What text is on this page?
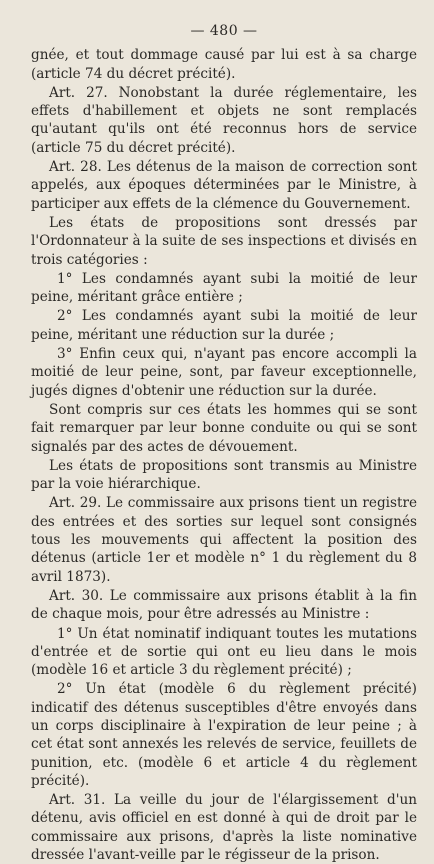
— 480 —

gnée, et tout dommage causé par lui est à sa charge (article 74 du décret précité).

Art. 27. Nonobstant la durée réglementaire, les effets d'habillement et objets ne sont remplacés qu'autant qu'ils ont été reconnus hors de service (article 75 du décret précité).

Art. 28. Les détenus de la maison de correction sont appelés, aux époques déterminées par le Ministre, à participer aux effets de la clémence du Gouvernement.

Les états de propositions sont dressés par l'Ordonnateur à la suite de ses inspections et divisés en trois catégories :

1° Les condamnés ayant subi la moitié de leur peine, méritant grâce entière ;

2° Les condamnés ayant subi la moitié de leur peine, méritant une réduction sur la durée ;

3° Enfin ceux qui, n'ayant pas encore accompli la moitié de leur peine, sont, par faveur exceptionnelle, jugés dignes d'obtenir une réduction sur la durée.

Sont compris sur ces états les hommes qui se sont fait remarquer par leur bonne conduite ou qui se sont signalés par des actes de dévouement.

Les états de propositions sont transmis au Ministre par la voie hiérarchique.

Art. 29. Le commissaire aux prisons tient un registre des entrées et des sorties sur lequel sont consignés tous les mouvements qui affectent la position des détenus (article 1er et modèle n° 1 du règlement du 8 avril 1873).

Art. 30. Le commissaire aux prisons établit à la fin de chaque mois, pour être adressés au Ministre :

1° Un état nominatif indiquant toutes les mutations d'entrée et de sortie qui ont eu lieu dans le mois (modèle 16 et article 3 du règlement précité) ;

2° Un état (modèle 6 du règlement précité) indicatif des détenus susceptibles d'être envoyés dans un corps disciplinaire à l'expiration de leur peine ; à cet état sont annexés les relevés de service, feuillets de punition, etc. (modèle 6 et article 4 du règlement précité).

Art. 31. La veille du jour de l'élargissement d'un détenu, avis officiel en est donné à qui de droit par le commissaire aux prisons, d'après la liste nominative dressée l'avant-veille par le régisseur de la prison.
